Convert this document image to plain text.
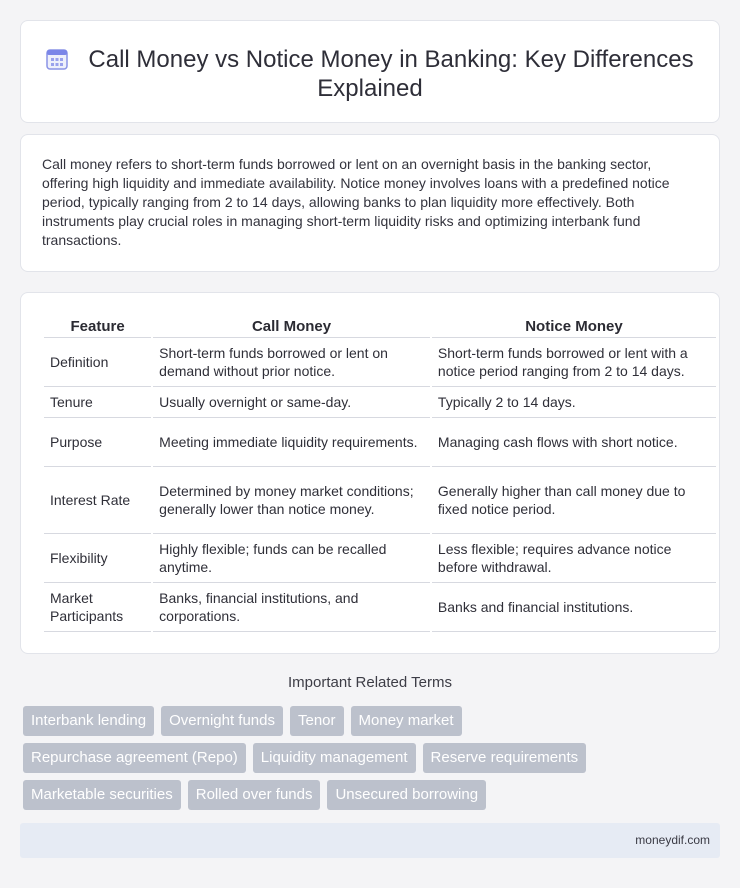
Call Money vs Notice Money in Banking: Key Differences Explained

Call money refers to short-term funds borrowed or lent on an overnight basis in the banking sector, offering high liquidity and immediate availability. Notice money involves loans with a predefined notice period, typically ranging from 2 to 14 days, allowing banks to plan liquidity more effectively. Both instruments play crucial roles in managing short-term liquidity risks and optimizing interbank fund transactions.

Feature	Call Money	Notice Money
Definition	Short-term funds borrowed or lent on demand without prior notice.	Short-term funds borrowed or lent with a notice period ranging from 2 to 14 days.
Tenure	Usually overnight or same-day.	Typically 2 to 14 days.
Purpose	Meeting immediate liquidity requirements.	Managing cash flows with short notice.
Interest Rate	Determined by money market conditions; generally lower than notice money.	Generally higher than call money due to fixed notice period.
Flexibility	Highly flexible; funds can be recalled anytime.	Less flexible; requires advance notice before withdrawal.
Market Participants	Banks, financial institutions, and corporations.	Banks and financial institutions.
Important Related Terms
Interbank lending	Overnight funds	Tenor	Money market
Repurchase agreement (Repo)	Liquidity management	Reserve requirements
Marketable securities	Rolled over funds	Unsecured borrowing
moneydif.com
